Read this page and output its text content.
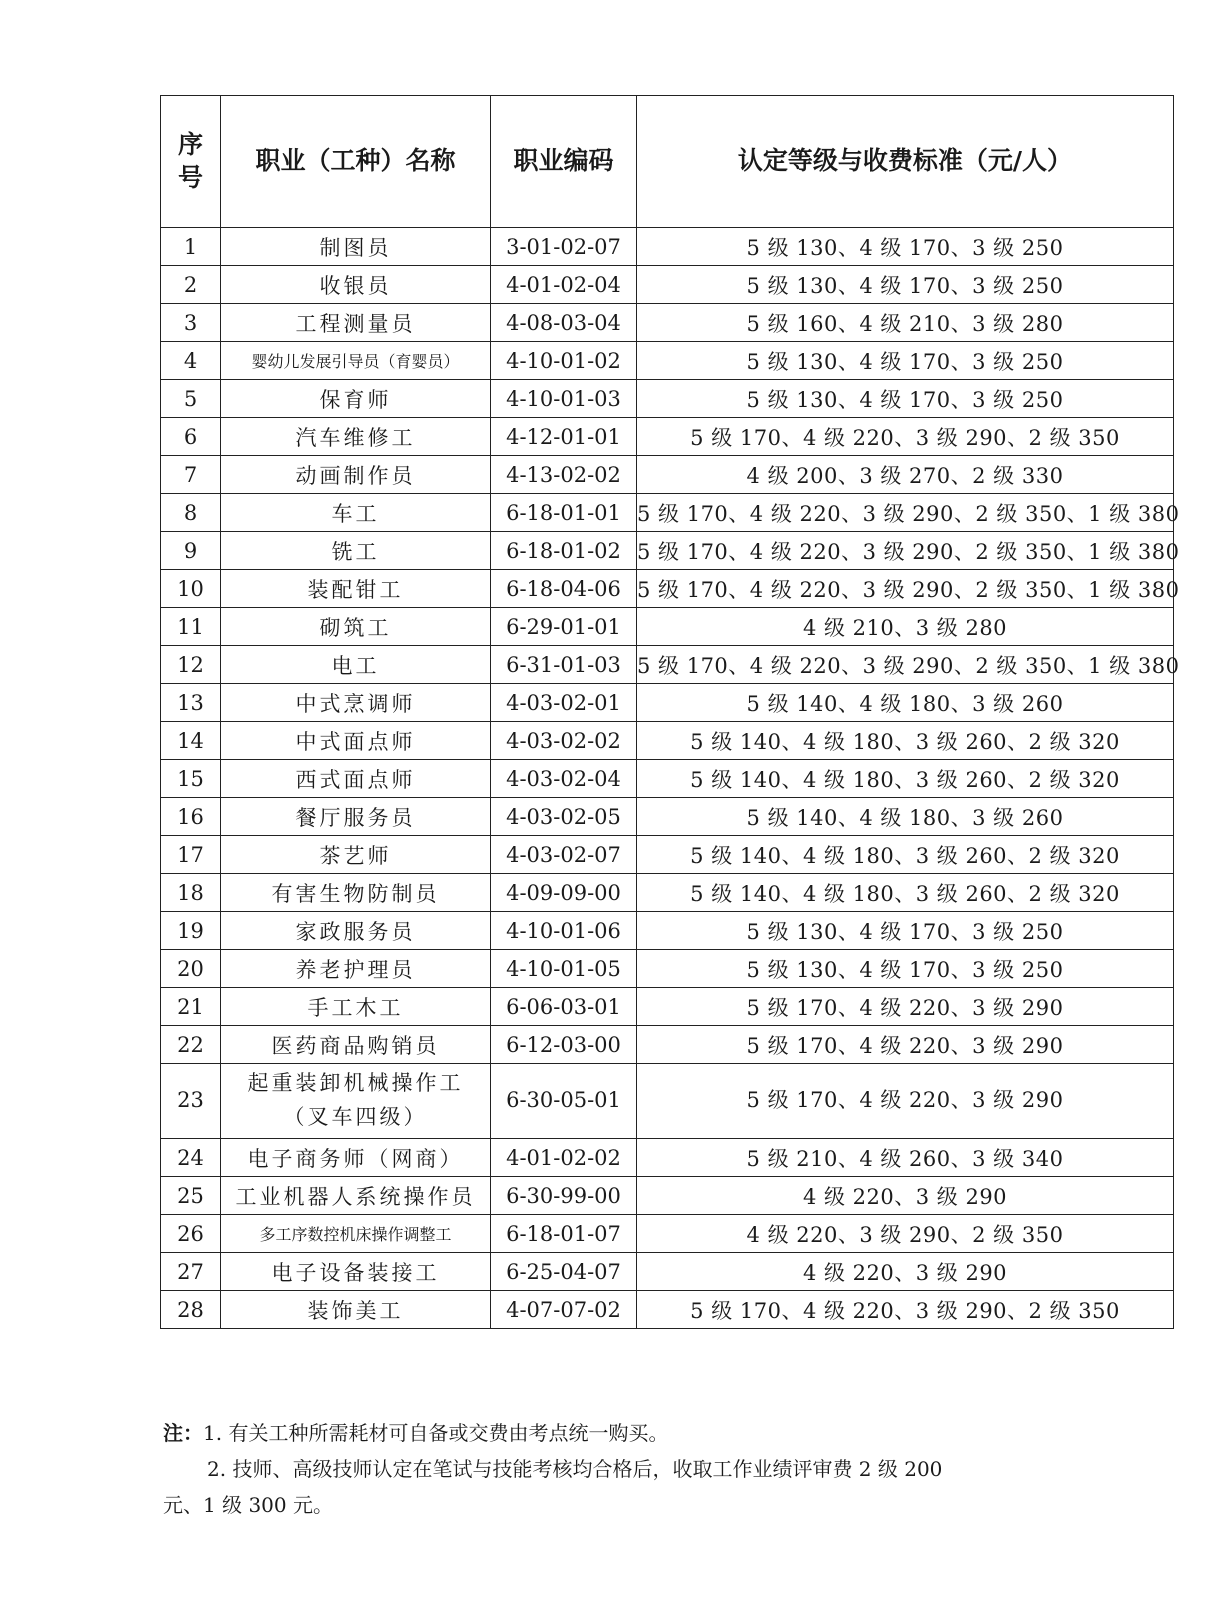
序
号	职业（工种）名称	职业编码	认定等级与收费标准（元/人）
1	制图员	3-01-02-07	5 级 130、4 级 170、3 级 250
2	收银员	4-01-02-04	5 级 130、4 级 170、3 级 250
3	工程测量员	4-08-03-04	5 级 160、4 级 210、3 级 280
4	婴幼儿发展引导员（育婴员）	4-10-01-02	5 级 130、4 级 170、3 级 250
5	保育师	4-10-01-03	5 级 130、4 级 170、3 级 250
6	汽车维修工	4-12-01-01	5 级 170、4 级 220、3 级 290、2 级 350
7	动画制作员	4-13-02-02	4 级 200、3 级 270、2 级 330
8	车工	6-18-01-01	5 级 170、4 级 220、3 级 290、2 级 350、1 级 380
9	铣工	6-18-01-02	5 级 170、4 级 220、3 级 290、2 级 350、1 级 380
10	装配钳工	6-18-04-06	5 级 170、4 级 220、3 级 290、2 级 350、1 级 380
11	砌筑工	6-29-01-01	4 级 210、3 级 280
12	电工	6-31-01-03	5 级 170、4 级 220、3 级 290、2 级 350、1 级 380
13	中式烹调师	4-03-02-01	5 级 140、4 级 180、3 级 260
14	中式面点师	4-03-02-02	5 级 140、4 级 180、3 级 260、2 级 320
15	西式面点师	4-03-02-04	5 级 140、4 级 180、3 级 260、2 级 320
16	餐厅服务员	4-03-02-05	5 级 140、4 级 180、3 级 260
17	茶艺师	4-03-02-07	5 级 140、4 级 180、3 级 260、2 级 320
18	有害生物防制员	4-09-09-00	5 级 140、4 级 180、3 级 260、2 级 320
19	家政服务员	4-10-01-06	5 级 130、4 级 170、3 级 250
20	养老护理员	4-10-01-05	5 级 130、4 级 170、3 级 250
21	手工木工	6-06-03-01	5 级 170、4 级 220、3 级 290
22	医药商品购销员	6-12-03-00	5 级 170、4 级 220、3 级 290
23	起重装卸机械操作工
（叉车四级）	6-30-05-01	5 级 170、4 级 220、3 级 290
24	电子商务师（网商）	4-01-02-02	5 级 210、4 级 260、3 级 340
25	工业机器人系统操作员	6-30-99-00	4 级 220、3 级 290
26	多工序数控机床操作调整工	6-18-01-07	4 级 220、3 级 290、2 级 350
27	电子设备装接工	6-25-04-07	4 级 220、3 级 290
28	装饰美工	4-07-07-02	5 级 170、4 级 220、3 级 290、2 级 350
注：1. 有关工种所需耗材可自备或交费由考点统一购买。
2. 技师、高级技师认定在笔试与技能考核均合格后，收取工作业绩评审费 2 级 200
元、1 级 300 元。
